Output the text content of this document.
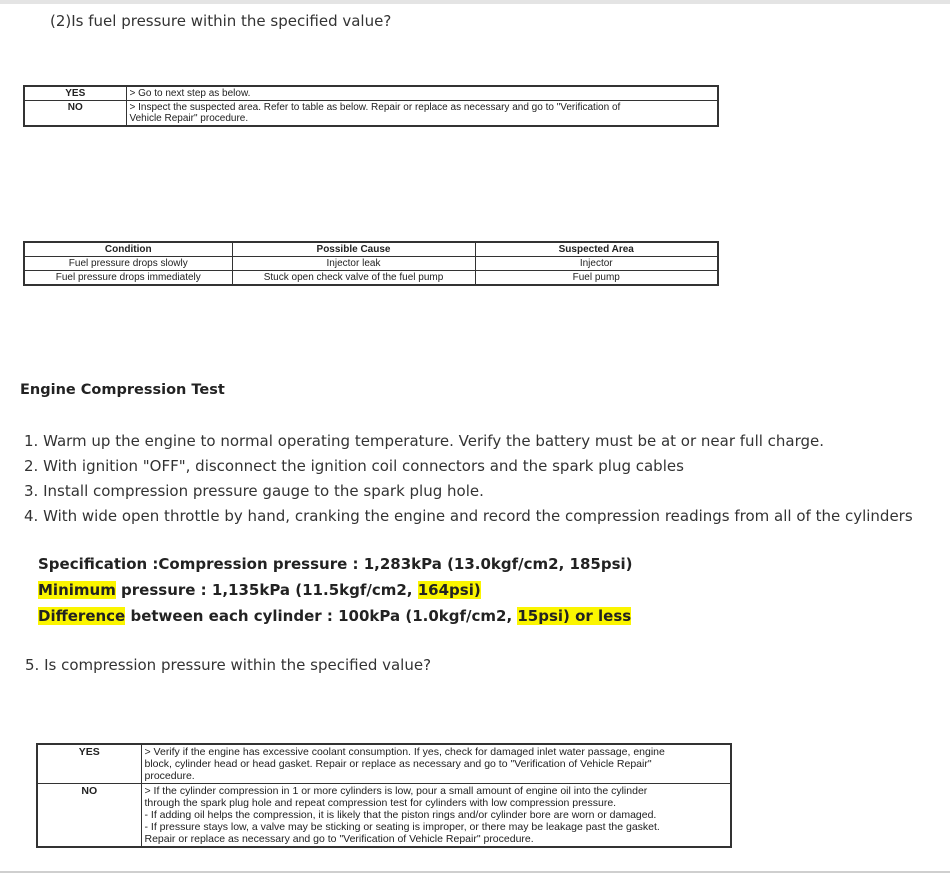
(2)Is fuel pressure within the specified value?
YES	> Go to next step as below.

NO	> Inspect the suspected area. Refer to table as below. Repair or replace as necessary and go to "Verification of
Vehicle Repair" procedure.
Condition	Possible Cause	Suspected Area
Fuel pressure drops slowly	Injector leak	Injector
Fuel pressure drops immediately	Stuck open check valve of the fuel pump	Fuel pump
Engine Compression Test
1. Warm up the engine to normal operating temperature. Verify the battery must be at or near full charge.
2. With ignition "OFF", disconnect the ignition coil connectors and the spark plug cables
3. Install compression pressure gauge to the spark plug hole.
4. With wide open throttle by hand, cranking the engine and record the compression readings from all of the cylinders
Specification :Compression pressure : 1,283kPa (13.0kgf/cm2, 185psi)
Minimum pressure : 1,135kPa (11.5kgf/cm2, 164psi)
Difference between each cylinder : 100kPa (1.0kgf/cm2, 15psi) or less
5. Is compression pressure within the specified value?
YES	> Verify if the engine has excessive coolant consumption. If yes, check for damaged inlet water passage, engine
block, cylinder head or head gasket. Repair or replace as necessary and go to "Verification of Vehicle Repair"
procedure.

NO	> If the cylinder compression in 1 or more cylinders is low, pour a small amount of engine oil into the cylinder
through the spark plug hole and repeat compression test for cylinders with low compression pressure.
- If adding oil helps the compression, it is likely that the piston rings and/or cylinder bore are worn or damaged.
- If pressure stays low, a valve may be sticking or seating is improper, or there may be leakage past the gasket.
Repair or replace as necessary and go to "Verification of Vehicle Repair" procedure.
